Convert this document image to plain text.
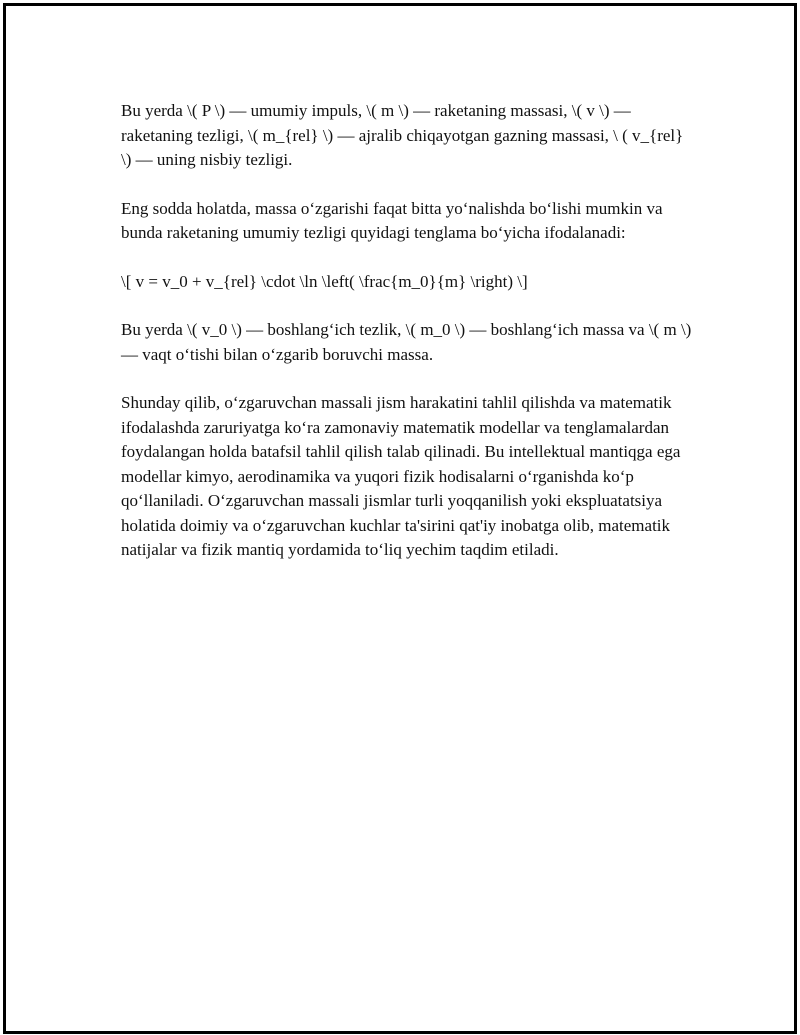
Bu yerda \( P \) — umumiy impuls, \( m \) — raketaning massasi, \( v \) — raketaning tezligi, \( m_{rel} \) — ajralib chiqayotgan gazning massasi, \ ( v_{rel} \) — uning nisbiy tezligi.

Eng sodda holatda, massa oʻzgarishi faqat bitta yoʻnalishda boʻlishi mumkin va bunda raketaning umumiy tezligi quyidagi tenglama boʻyicha ifodalanadi:

\[ v = v_0 + v_{rel} \cdot \ln \left( \frac{m_0}{m} \right) \]

Bu yerda \( v_0 \) — boshlangʻich tezlik, \( m_0 \) — boshlangʻich massa va \( m \) — vaqt oʻtishi bilan oʻzgarib boruvchi massa.

Shunday qilib, oʻzgaruvchan massali jism harakatini tahlil qilishda va matematik ifodalashda zaruriyatga koʻra zamonaviy matematik modellar va tenglamalardan foydalangan holda batafsil tahlil qilish talab qilinadi. Bu intellektual mantiqga ega modellar kimyo, aerodinamika va yuqori fizik hodisalarni oʻrganishda koʻp qoʻllaniladi. Oʻzgaruvchan massali jismlar turli yoqqanilish yoki ekspluatatsiya holatida doimiy va oʻzgaruvchan kuchlar ta'sirini qat'iy inobatga olib, matematik natijalar va fizik mantiq yordamida toʻliq yechim taqdim etiladi.
